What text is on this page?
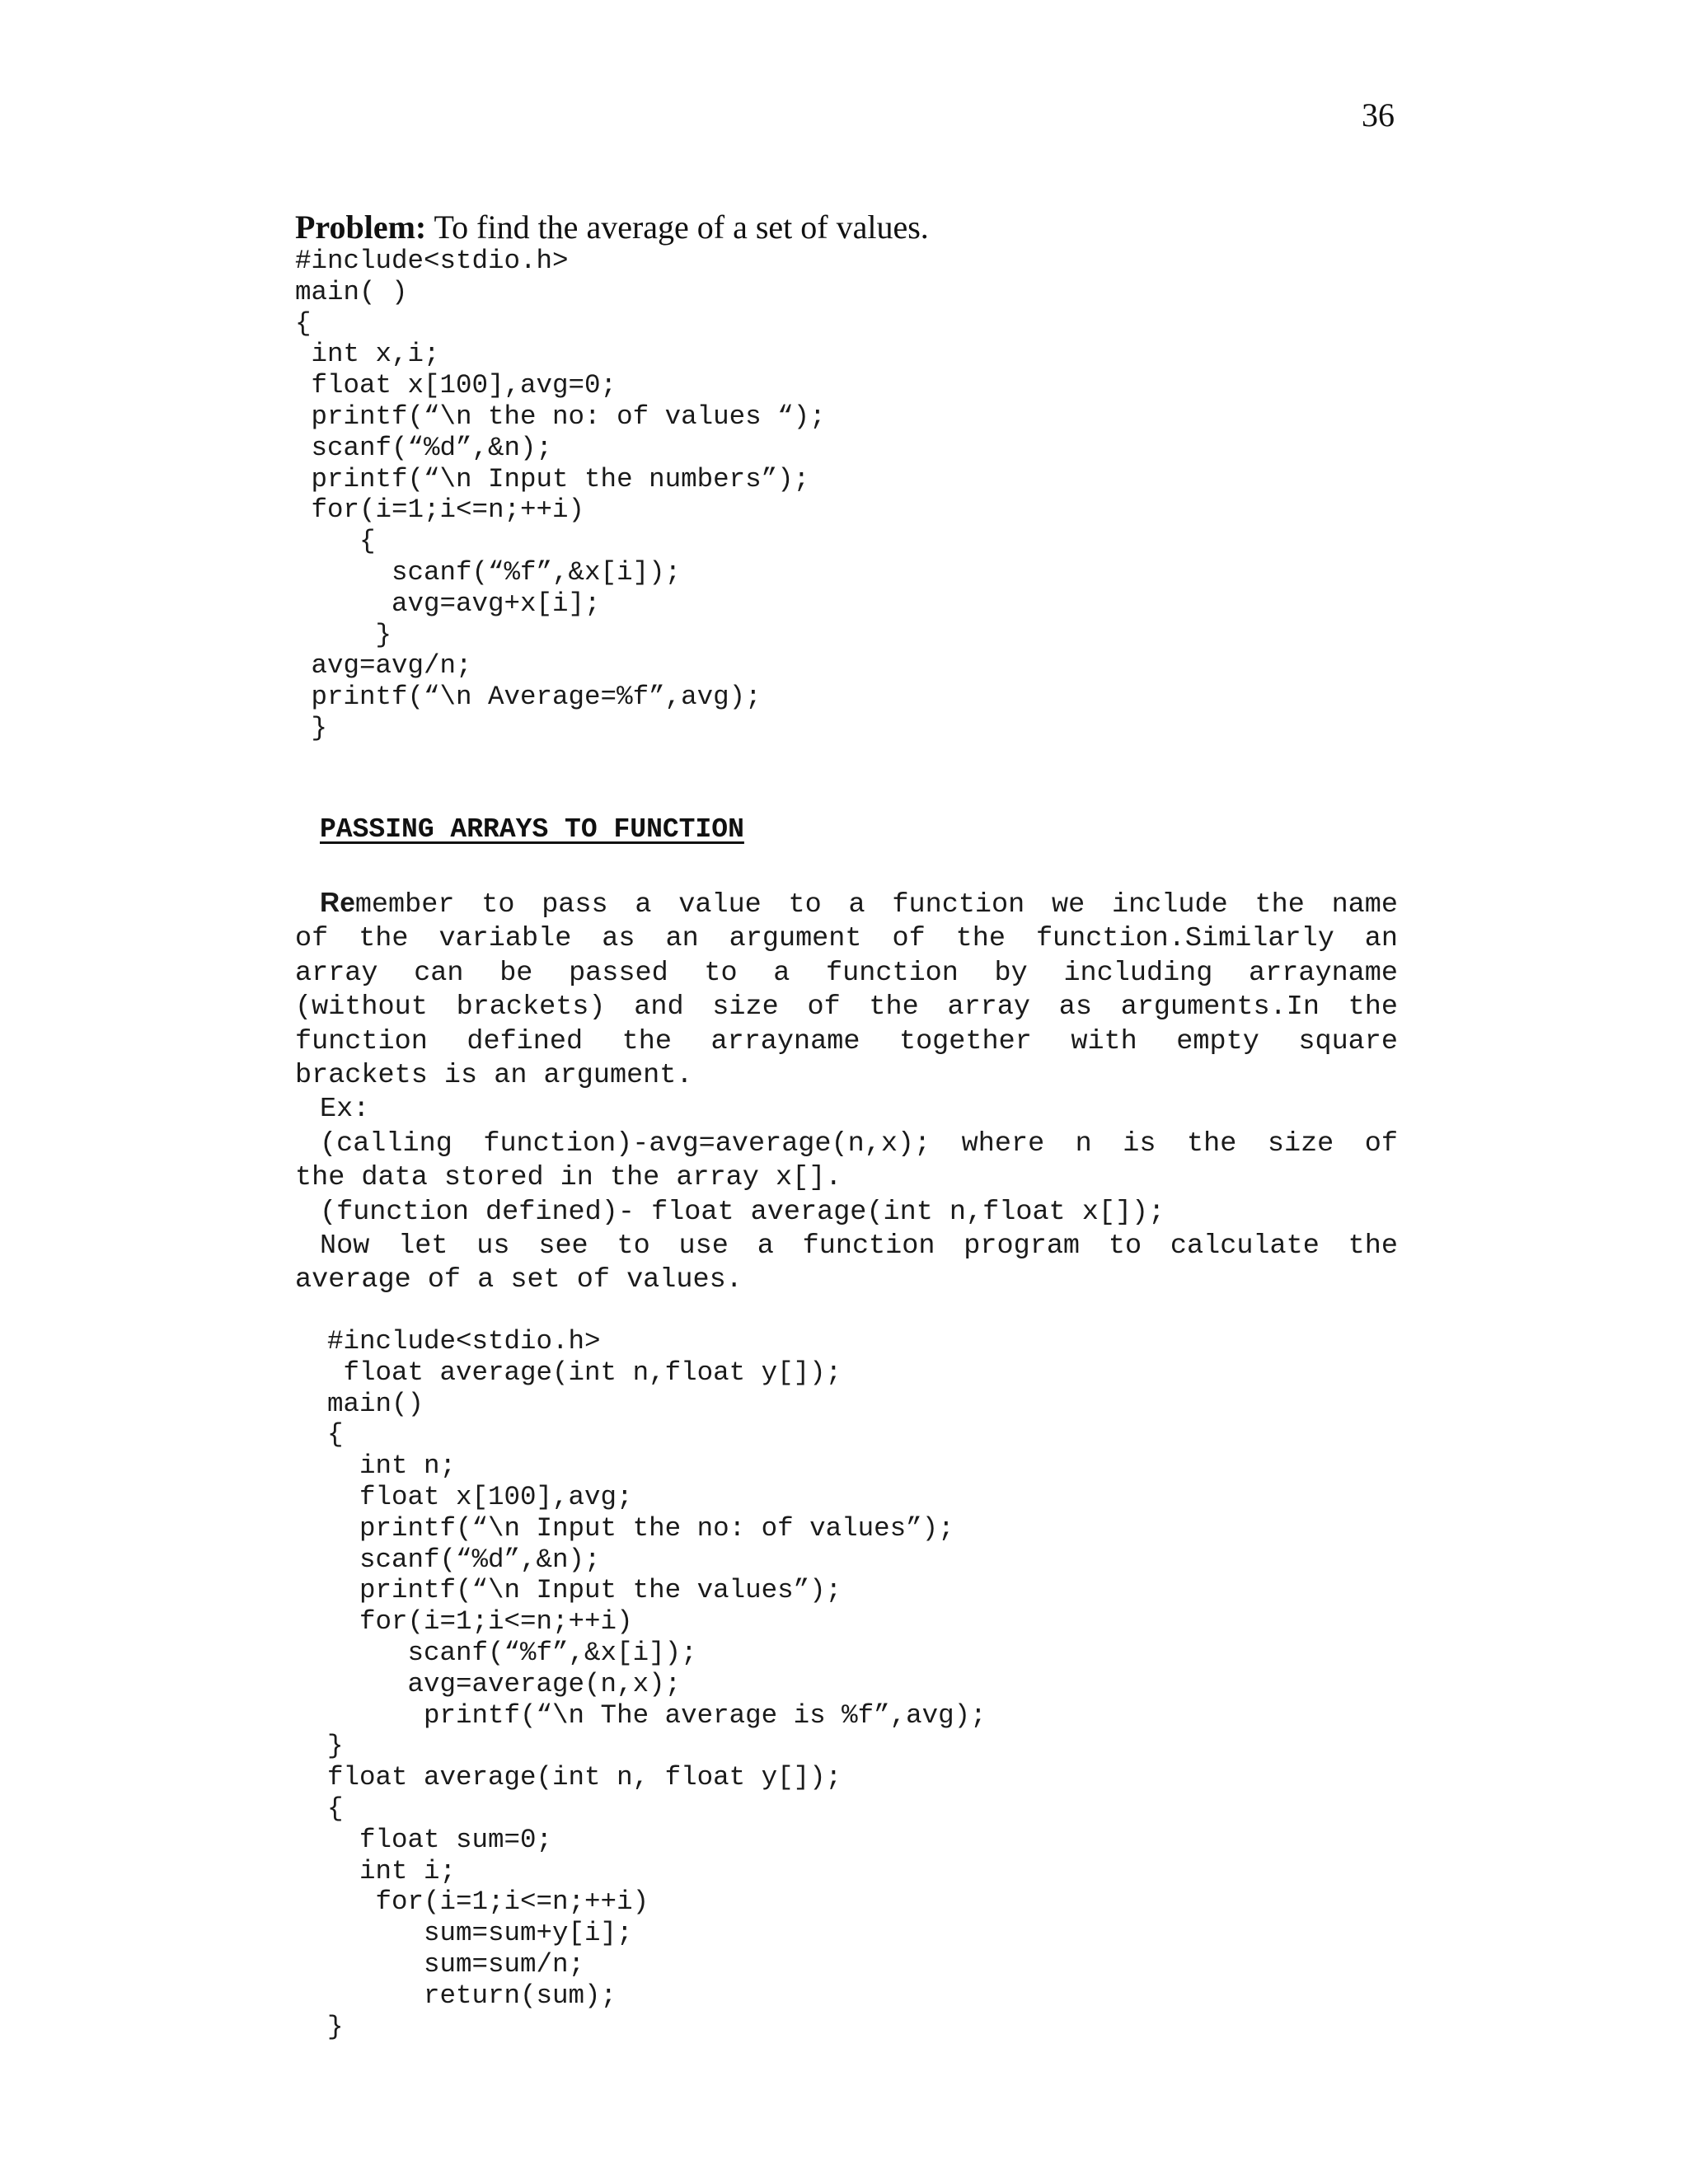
36
Problem: To find the average of a set of values.
#include<stdio.h>
main( )
{
int x,i;
float x[100],avg=0;
printf(“\n the no: of values “);
scanf(“%d”,&n);
printf(“\n Input the numbers”);
for(i=1;i<=n;++i)
{
scanf(“%f”,&x[i]);
avg=avg+x[i];
}
avg=avg/n;
printf(“\n Average=%f”,avg);
}
PASSING ARRAYS TO FUNCTION
Remember to pass a value to a function we include the name
of the variable as an argument of the function.Similarly an
array can be passed to a function by including arrayname
(without brackets) and size of the array as arguments.In the
function defined the arrayname together with empty square
brackets is an argument.
Ex:
(calling function)-avg=average(n,x); where n is the size of
the data stored in the array x[].
(function defined)- float average(int n,float x[]);
Now let us see to use a function program to calculate the
average of a set of values.
#include<stdio.h>
float average(int n,float y[]);
main()
{
int n;
float x[100],avg;
printf(“\n Input the no: of values”);
scanf(“%d”,&n);
printf(“\n Input the values”);
for(i=1;i<=n;++i)
scanf(“%f”,&x[i]);
avg=average(n,x);
printf(“\n The average is %f”,avg);
}
float average(int n, float y[]);
{
float sum=0;
int i;
for(i=1;i<=n;++i)
sum=sum+y[i];
sum=sum/n;
return(sum);
}
